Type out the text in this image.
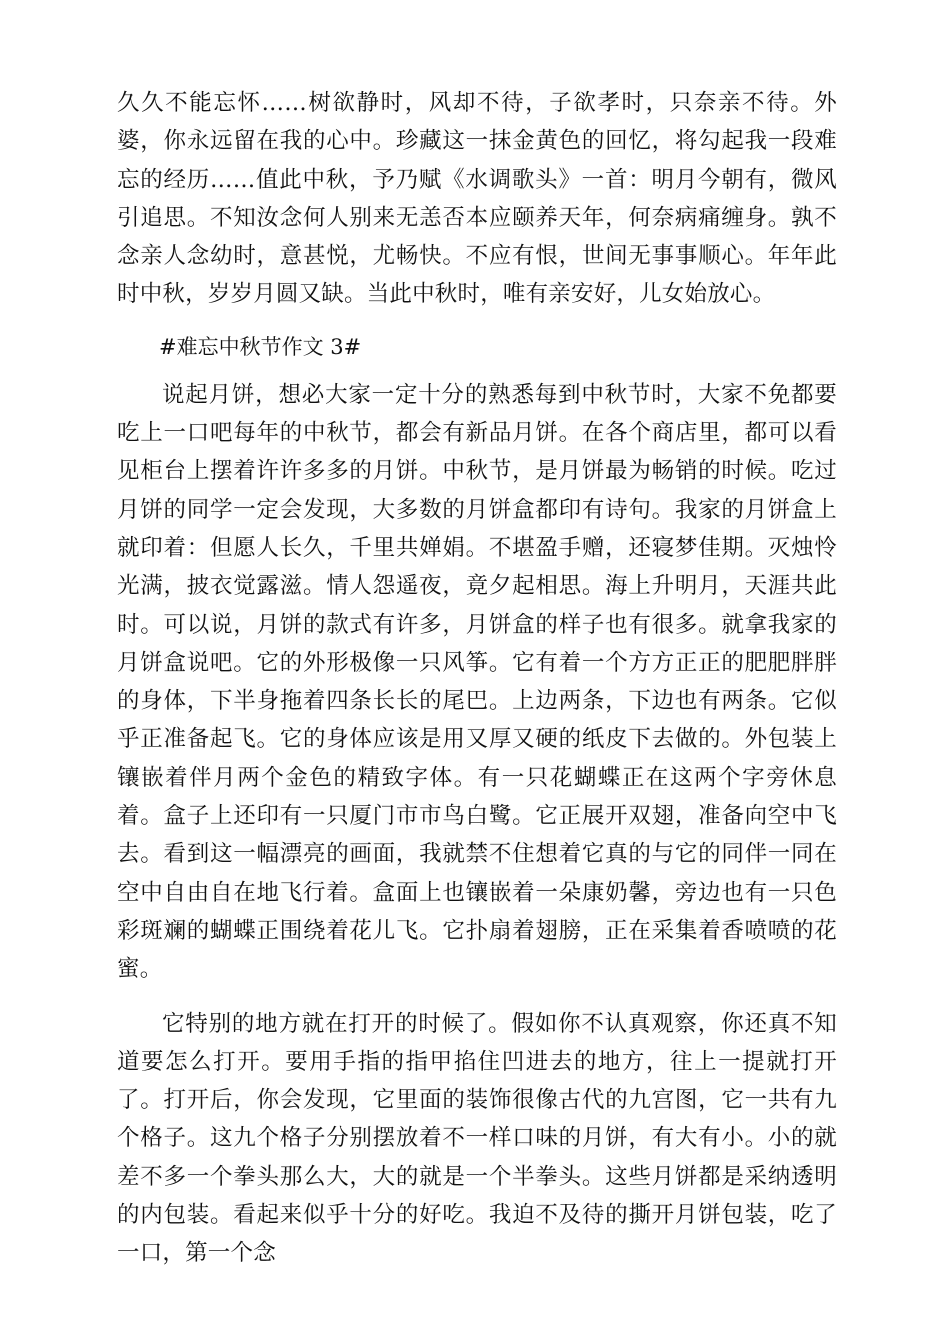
久久不能忘怀……树欲静时，风却不待，子欲孝时，只奈亲不待。外婆，你永远留在我的心中。珍藏这一抹金黄色的回忆，将勾起我一段难忘的经历……值此中秋，予乃赋《水调歌头》一首：明月今朝有，微风引追思。不知汝念何人别来无恙否本应颐养天年，何奈病痛缠身。孰不念亲人念幼时，意甚悦，尤畅快。不应有恨，世间无事事顺心。年年此时中秋，岁岁月圆又缺。当此中秋时，唯有亲安好，儿女始放心。

#难忘中秋节作文 3#

说起月饼，想必大家一定十分的熟悉每到中秋节时，大家不免都要吃上一口吧每年的中秋节，都会有新品月饼。在各个商店里，都可以看见柜台上摆着许许多多的月饼。中秋节，是月饼最为畅销的时候。吃过月饼的同学一定会发现，大多数的月饼盒都印有诗句。我家的月饼盒上就印着：但愿人长久，千里共婵娟。不堪盈手赠，还寝梦佳期。灭烛怜光满，披衣觉露滋。情人怨遥夜，竟夕起相思。海上升明月，天涯共此时。可以说，月饼的款式有许多，月饼盒的样子也有很多。就拿我家的月饼盒说吧。它的外形极像一只风筝。它有着一个方方正正的肥肥胖胖的身体，下半身拖着四条长长的尾巴。上边两条，下边也有两条。它似乎正准备起飞。它的身体应该是用又厚又硬的纸皮下去做的。外包装上镶嵌着伴月两个金色的精致字体。有一只花蝴蝶正在这两个字旁休息着。盒子上还印有一只厦门市市鸟白鹭。它正展开双翅，准备向空中飞去。看到这一幅漂亮的画面，我就禁不住想着它真的与它的同伴一同在空中自由自在地飞行着。盒面上也镶嵌着一朵康奶馨，旁边也有一只色彩斑斓的蝴蝶正围绕着花儿飞。它扑扇着翅膀，正在采集着香喷喷的花蜜。

它特别的地方就在打开的时候了。假如你不认真观察，你还真不知道要怎么打开。要用手指的指甲掐住凹进去的地方，往上一提就打开了。打开后，你会发现，它里面的装饰很像古代的九宫图，它一共有九个格子。这九个格子分别摆放着不一样口味的月饼，有大有小。小的就差不多一个拳头那么大，大的就是一个半拳头。这些月饼都是采纳透明的内包装。看起来似乎十分的好吃。我迫不及待的撕开月饼包装，吃了一口，第一个念
